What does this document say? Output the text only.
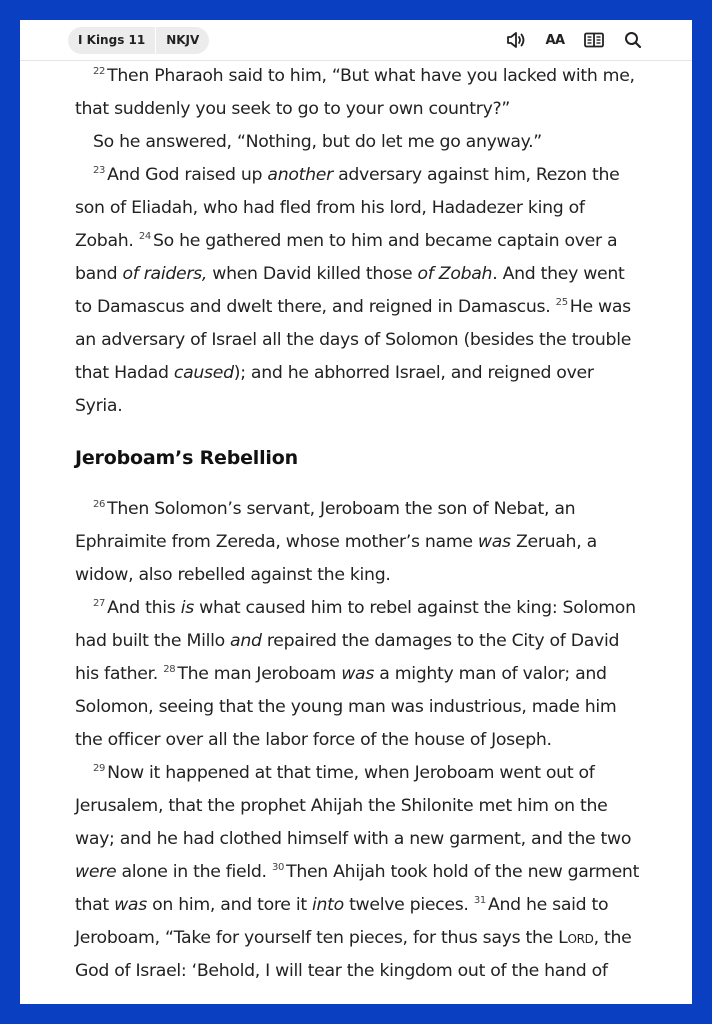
I Kings 11	NKJV	AA

$^{22}$ Then Pharaoh said to him, “But what have you lacked with me, that suddenly you seek to go to your own country?”

So he answered, “Nothing, but do let me go anyway.”

$^{23}$ And God raised up another adversary against him, Rezon the son of Eliadah, who had fled from his lord, Hadadezer king of Zobah. $^{24}$ So he gathered men to him and became captain over a band of raiders, when David killed those of Zobah. And they went to Damascus and dwelt there, and reigned in Damascus. $^{25}$ He was an adversary of Israel all the days of Solomon (besides the trouble that Hadad caused); and he abhorred Israel, and reigned over Syria.

Jeroboam’s Rebellion

$^{26}$ Then Solomon’s servant, Jeroboam the son of Nebat, an Ephraimite from Zereda, whose mother’s name was Zeruah, a widow, also rebelled against the king.

$^{27}$ And this is what caused him to rebel against the king: Solomon had built the Millo and repaired the damages to the City of David his father. $^{28}$ The man Jeroboam was a mighty man of valor; and Solomon, seeing that the young man was industrious, made him the officer over all the labor force of the house of Joseph.

$^{29}$ Now it happened at that time, when Jeroboam went out of Jerusalem, that the prophet Ahijah the Shilonite met him on the way; and he had clothed himself with a new garment, and the two were alone in the field. $^{30}$ Then Ahijah took hold of the new garment that was on him, and tore it into twelve pieces. $^{31}$ And he said to Jeroboam, “Take for yourself ten pieces, for thus says the Lord, the God of Israel: ‘Behold, I will tear the kingdom out of the hand of
